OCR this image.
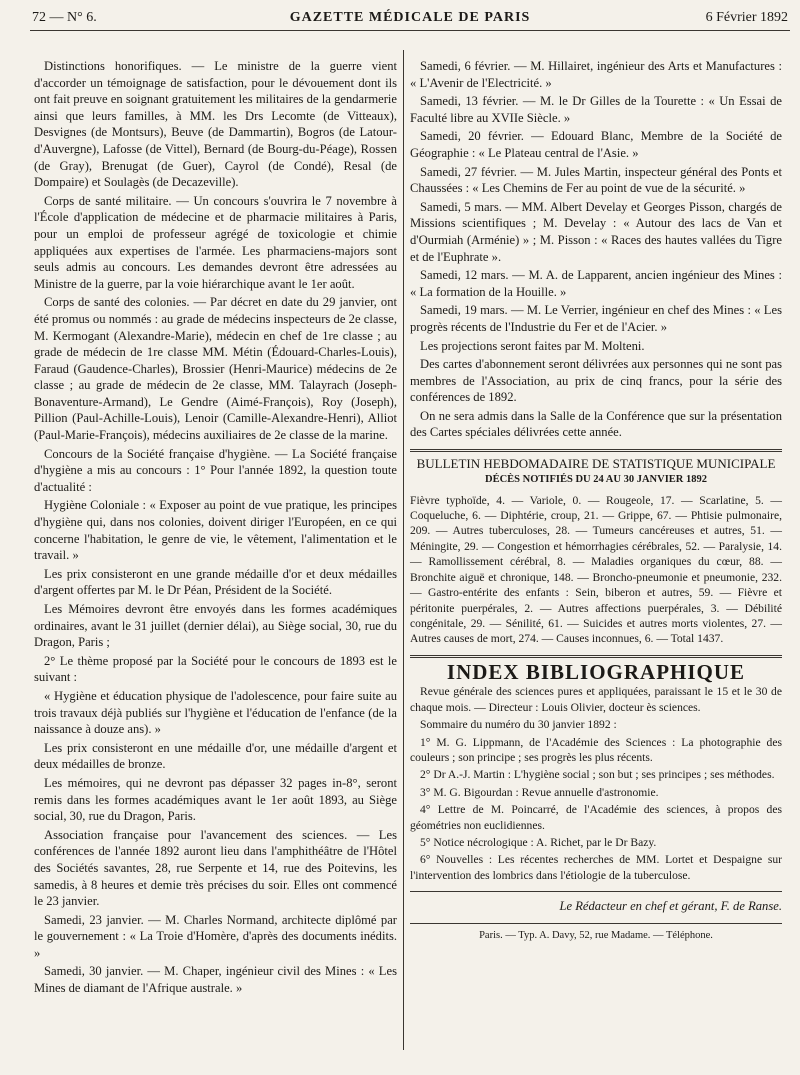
72 — N° 6.	GAZETTE MÉDICALE DE PARIS	6 Février 1892

Distinctions honorifiques. — Le ministre de la guerre vient d'accorder un témoignage de satisfaction, pour le dévouement dont ils ont fait preuve en soignant gratuitement les militaires de la gendarmerie ainsi que leurs familles, à MM. les Drs Lecomte (de Vitteaux), Desvignes (de Montsurs), Beuve (de Dammartin), Bogros (de Latour-d'Auvergne), Lafosse (de Vittel), Bernard (de Bourg-du-Péage), Rossen (de Gray), Brenugat (de Guer), Cayrol (de Condé), Resal (de Dompaire) et Soulagès (de Decazeville).

Corps de santé militaire. — Un concours s'ouvrira le 7 novembre à l'École d'application de médecine et de pharmacie militaires à Paris, pour un emploi de professeur agrégé de toxicologie et chimie appliquées aux expertises de l'armée. Les pharmaciens-majors sont seuls admis au concours. Les demandes devront être adressées au Ministre de la guerre, par la voie hiérarchique avant le 1er août.

Corps de santé des colonies. — Par décret en date du 29 janvier, ont été promus ou nommés : au grade de médecins inspecteurs de 2e classe, M. Kermogant (Alexandre-Marie), médecin en chef de 1re classe ; au grade de médecin de 1re classe MM. Métin (Édouard-Charles-Louis), Faraud (Gaudence-Charles), Brossier (Henri-Maurice) médecins de 2e classe ; au grade de médecin de 2e classe, MM. Talayrach (Joseph-Bonaventure-Armand), Le Gendre (Aimé-François), Roy (Joseph), Pillion (Paul-Achille-Louis), Lenoir (Camille-Alexandre-Henri), Alliot (Paul-Marie-François), médecins auxiliaires de 2e classe de la marine.

Concours de la Société française d'hygiène. — La Société française d'hygiène a mis au concours : 1° Pour l'année 1892, la question toute d'actualité :

Hygiène Coloniale : « Exposer au point de vue pratique, les principes d'hygiène qui, dans nos colonies, doivent diriger l'Européen, en ce qui concerne l'habitation, le genre de vie, le vêtement, l'alimentation et le travail. »

Les prix consisteront en une grande médaille d'or et deux médailles d'argent offertes par M. le Dr Péan, Président de la Société.

Les Mémoires devront être envoyés dans les formes académiques ordinaires, avant le 31 juillet (dernier délai), au Siège social, 30, rue du Dragon, Paris ;

2° Le thème proposé par la Société pour le concours de 1893 est le suivant :

« Hygiène et éducation physique de l'adolescence, pour faire suite au trois travaux déjà publiés sur l'hygiène et l'éducation de l'enfance (de la naissance à douze ans). »

Les prix consisteront en une médaille d'or, une médaille d'argent et deux médailles de bronze.

Les mémoires, qui ne devront pas dépasser 32 pages in-8°, seront remis dans les formes académiques avant le 1er août 1893, au Siège social, 30, rue du Dragon, Paris.

Association française pour l'avancement des sciences. — Les conférences de l'année 1892 auront lieu dans l'amphithéâtre de l'Hôtel des Sociétés savantes, 28, rue Serpente et 14, rue des Poitevins, les samedis, à 8 heures et demie très précises du soir. Elles ont commencé le 23 janvier.

Samedi, 23 janvier. — M. Charles Normand, architecte diplômé par le gouvernement : « La Troie d'Homère, d'après des documents inédits. »

Samedi, 30 janvier. — M. Chaper, ingénieur civil des Mines : « Les Mines de diamant de l'Afrique australe. »

Samedi, 6 février. — M. Hillairet, ingénieur des Arts et Manufactures : « L'Avenir de l'Electricité. »

Samedi, 13 février. — M. le Dr Gilles de la Tourette : « Un Essai de Faculté libre au XVIIe Siècle. »

Samedi, 20 février. — Edouard Blanc, Membre de la Société de Géographie : « Le Plateau central de l'Asie. »

Samedi, 27 février. — M. Jules Martin, inspecteur général des Ponts et Chaussées : « Les Chemins de Fer au point de vue de la sécurité. »

Samedi, 5 mars. — MM. Albert Develay et Georges Pisson, chargés de Missions scientifiques ; M. Develay : « Autour des lacs de Van et d'Ourmiah (Arménie) » ; M. Pisson : « Races des hautes vallées du Tigre et de l'Euphrate ».

Samedi, 12 mars. — M. A. de Lapparent, ancien ingénieur des Mines : « La formation de la Houille. »

Samedi, 19 mars. — M. Le Verrier, ingénieur en chef des Mines : « Les progrès récents de l'Industrie du Fer et de l'Acier. »

Les projections seront faites par M. Molteni.

Des cartes d'abonnement seront délivrées aux personnes qui ne sont pas membres de l'Association, au prix de cinq francs, pour la série des conférences de 1892.

On ne sera admis dans la Salle de la Conférence que sur la présentation des Cartes spéciales délivrées cette année.

BULLETIN HEBDOMADAIRE DE STATISTIQUE MUNICIPALE
DÉCÈS NOTIFIÉS DU 24 AU 30 JANVIER 1892

Fièvre typhoïde, 4. — Variole, 0. — Rougeole, 17. — Scarlatine, 5. — Coqueluche, 6. — Diphtérie, croup, 21. — Grippe, 67. — Phtisie pulmonaire, 209. — Autres tuberculoses, 28. — Tumeurs cancéreuses et autres, 51. — Méningite, 29. — Congestion et hémorrhagies cérébrales, 52. — Paralysie, 14. — Ramollissement cérébral, 8. — Maladies organiques du cœur, 88. — Bronchite aiguë et chronique, 148. — Broncho-pneumonie et pneumonie, 232. — Gastro-entérite des enfants : Sein, biberon et autres, 59. — Fièvre et péritonite puerpérales, 2. — Autres affections puerpérales, 3. — Débilité congénitale, 29. — Sénilité, 61. — Suicides et autres morts violentes, 27. — Autres causes de mort, 274. — Causes inconnues, 6. — Total 1437.

INDEX BIBLIOGRAPHIQUE

Revue générale des sciences pures et appliquées, paraissant le 15 et le 30 de chaque mois. — Directeur : Louis Olivier, docteur ès sciences.

Sommaire du numéro du 30 janvier 1892 :

1° M. G. Lippmann, de l'Académie des Sciences : La photographie des couleurs ; son principe ; ses progrès les plus récents.

2° Dr A.-J. Martin : L'hygiène social ; son but ; ses principes ; ses méthodes.

3° M. G. Bigourdan : Revue annuelle d'astronomie.

4° Lettre de M. Poincarré, de l'Académie des sciences, à propos des géométries non euclidiennes.

5° Notice nécrologique : A. Richet, par le Dr Bazy.

6° Nouvelles : Les récentes recherches de MM. Lortet et Despaigne sur l'intervention des lombrics dans l'étiologie de la tuberculose.

Le Rédacteur en chef et gérant, F. de Ranse.
Paris. — Typ. A. Davy, 52, rue Madame. — Téléphone.
